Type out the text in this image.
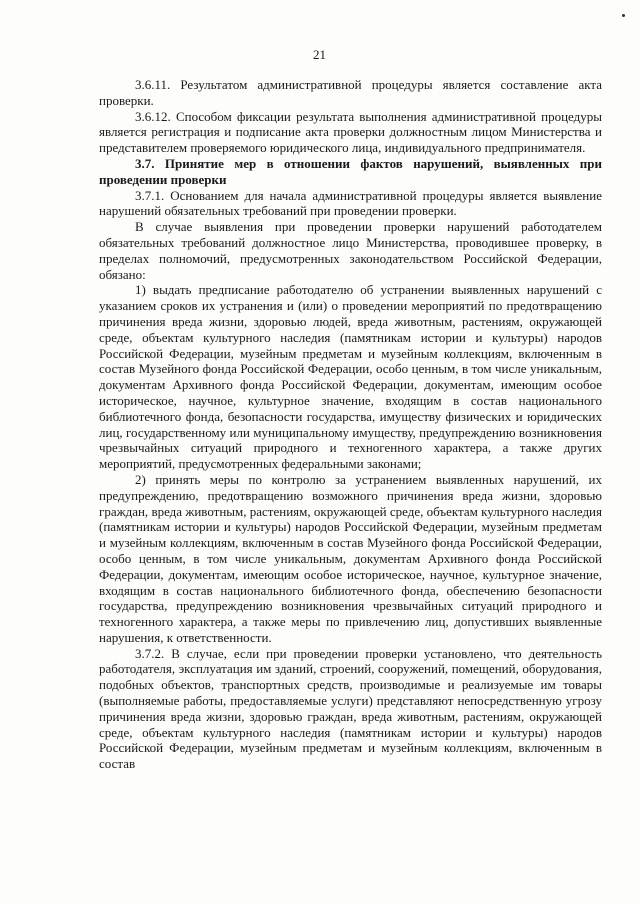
21

3.6.11. Результатом административной процедуры является составление акта проверки.

3.6.12. Способом фиксации результата выполнения административной процедуры является регистрация и подписание акта проверки должностным лицом Министерства и представителем проверяемого юридического лица, индивидуального предпринимателя.

3.7. Принятие мер в отношении фактов нарушений, выявленных при проведении проверки

3.7.1. Основанием для начала административной процедуры является выявление нарушений обязательных требований при проведении проверки.

В случае выявления при проведении проверки нарушений работодателем обязательных требований должностное лицо Министерства, проводившее проверку, в пределах полномочий, предусмотренных законодательством Российской Федерации, обязано:

1) выдать предписание работодателю об устранении выявленных нарушений с указанием сроков их устранения и (или) о проведении мероприятий по предотвращению причинения вреда жизни, здоровью людей, вреда животным, растениям, окружающей среде, объектам культурного наследия (памятникам истории и культуры) народов Российской Федерации, музейным предметам и музейным коллекциям, включенным в состав Музейного фонда Российской Федерации, особо ценным, в том числе уникальным, документам Архивного фонда Российской Федерации, документам, имеющим особое историческое, научное, культурное значение, входящим в состав национального библиотечного фонда, безопасности государства, имуществу физических и юридических лиц, государственному или муниципальному имуществу, предупреждению возникновения чрезвычайных ситуаций природного и техногенного характера, а также других мероприятий, предусмотренных федеральными законами;

2) принять меры по контролю за устранением выявленных нарушений, их предупреждению, предотвращению возможного причинения вреда жизни, здоровью граждан, вреда животным, растениям, окружающей среде, объектам культурного наследия (памятникам истории и культуры) народов Российской Федерации, музейным предметам и музейным коллекциям, включенным в состав Музейного фонда Российской Федерации, особо ценным, в том числе уникальным, документам Архивного фонда Российской Федерации, документам, имеющим особое историческое, научное, культурное значение, входящим в состав национального библиотечного фонда, обеспечению безопасности государства, предупреждению возникновения чрезвычайных ситуаций природного и техногенного характера, а также меры по привлечению лиц, допустивших выявленные нарушения, к ответственности.

3.7.2. В случае, если при проведении проверки установлено, что деятельность работодателя, эксплуатация им зданий, строений, сооружений, помещений, оборудования, подобных объектов, транспортных средств, производимые и реализуемые им товары (выполняемые работы, предоставляемые услуги) представляют непосредственную угрозу причинения вреда жизни, здоровью граждан, вреда животным, растениям, окружающей среде, объектам культурного наследия (памятникам истории и культуры) народов Российской Федерации, музейным предметам и музейным коллекциям, включенным в состав
